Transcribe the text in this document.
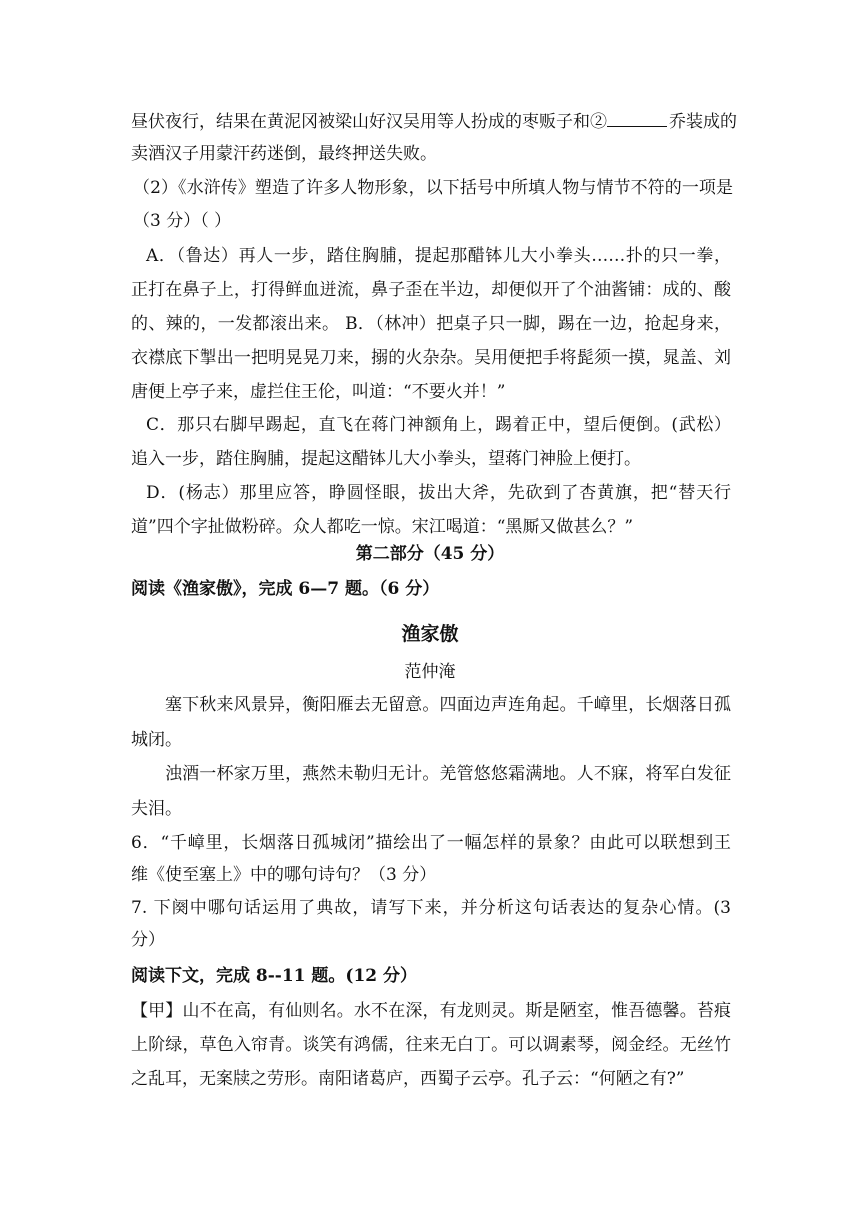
昼伏夜行，结果在黄泥冈被梁山好汉吴用等人扮成的枣贩子和②	乔装成的
卖酒汉子用蒙汗药迷倒，最终押送失败。
（2）《水浒传》塑造了许多人物形象，以下括号中所填人物与情节不符的一项是
（3 分）（ ）
A．（鲁达）再人一步，踏住胸脯，提起那醋钵儿大小拳头……扑的只一拳，
正打在鼻子上，打得鲜血迸流，鼻子歪在半边，却便似开了个油酱铺：成的、酸
的、辣的，一发都滚出来。 B．（林冲）把桌子只一脚，踢在一边，抢起身来，
衣襟底下掣出一把明晃晃刀来，搦的火杂杂。吴用便把手将髭须一摸，晁盖、刘
唐便上亭子来，虚拦住王伦，叫道：“不要火并！”
C．那只右脚早踢起，直飞在蒋门神额角上，踢着正中，望后便倒。(武松）
追入一步，踏住胸脯，提起这醋钵儿大小拳头，望蒋门神脸上便打。
D．(杨志）那里应答，睁圆怪眼，拔出大斧，先砍到了杏黄旗，把“替天行
道”四个字扯做粉碎。众人都吃一惊。宋江喝道：“黑厮又做甚么？”
第二部分（45 分）
阅读《渔家傲》，完成 6—7 题。（6 分）
渔家傲
范仲淹
塞下秋来风景异，衡阳雁去无留意。四面边声连角起。千嶂里，长烟落日孤
城闭。
浊酒一杯家万里，燕然未勒归无计。羌管悠悠霜满地。人不寐，将军白发征
夫泪。
6．“千嶂里，长烟落日孤城闭”描绘出了一幅怎样的景象？由此可以联想到王
维《使至塞上》中的哪句诗句？（3 分）
7. 下阕中哪句话运用了典故，请写下来，并分析这句话表达的复杂心情。(3
分）
阅读下文，完成 8--11 题。(12 分）
【甲】山不在高，有仙则名。水不在深，有龙则灵。斯是陋室，惟吾德馨。苔痕
上阶绿，草色入帘青。谈笑有鸿儒，往来无白丁。可以调素琴，阅金经。无丝竹
之乱耳，无案牍之劳形。南阳诸葛庐，西蜀子云亭。孔子云：“何陋之有?”
